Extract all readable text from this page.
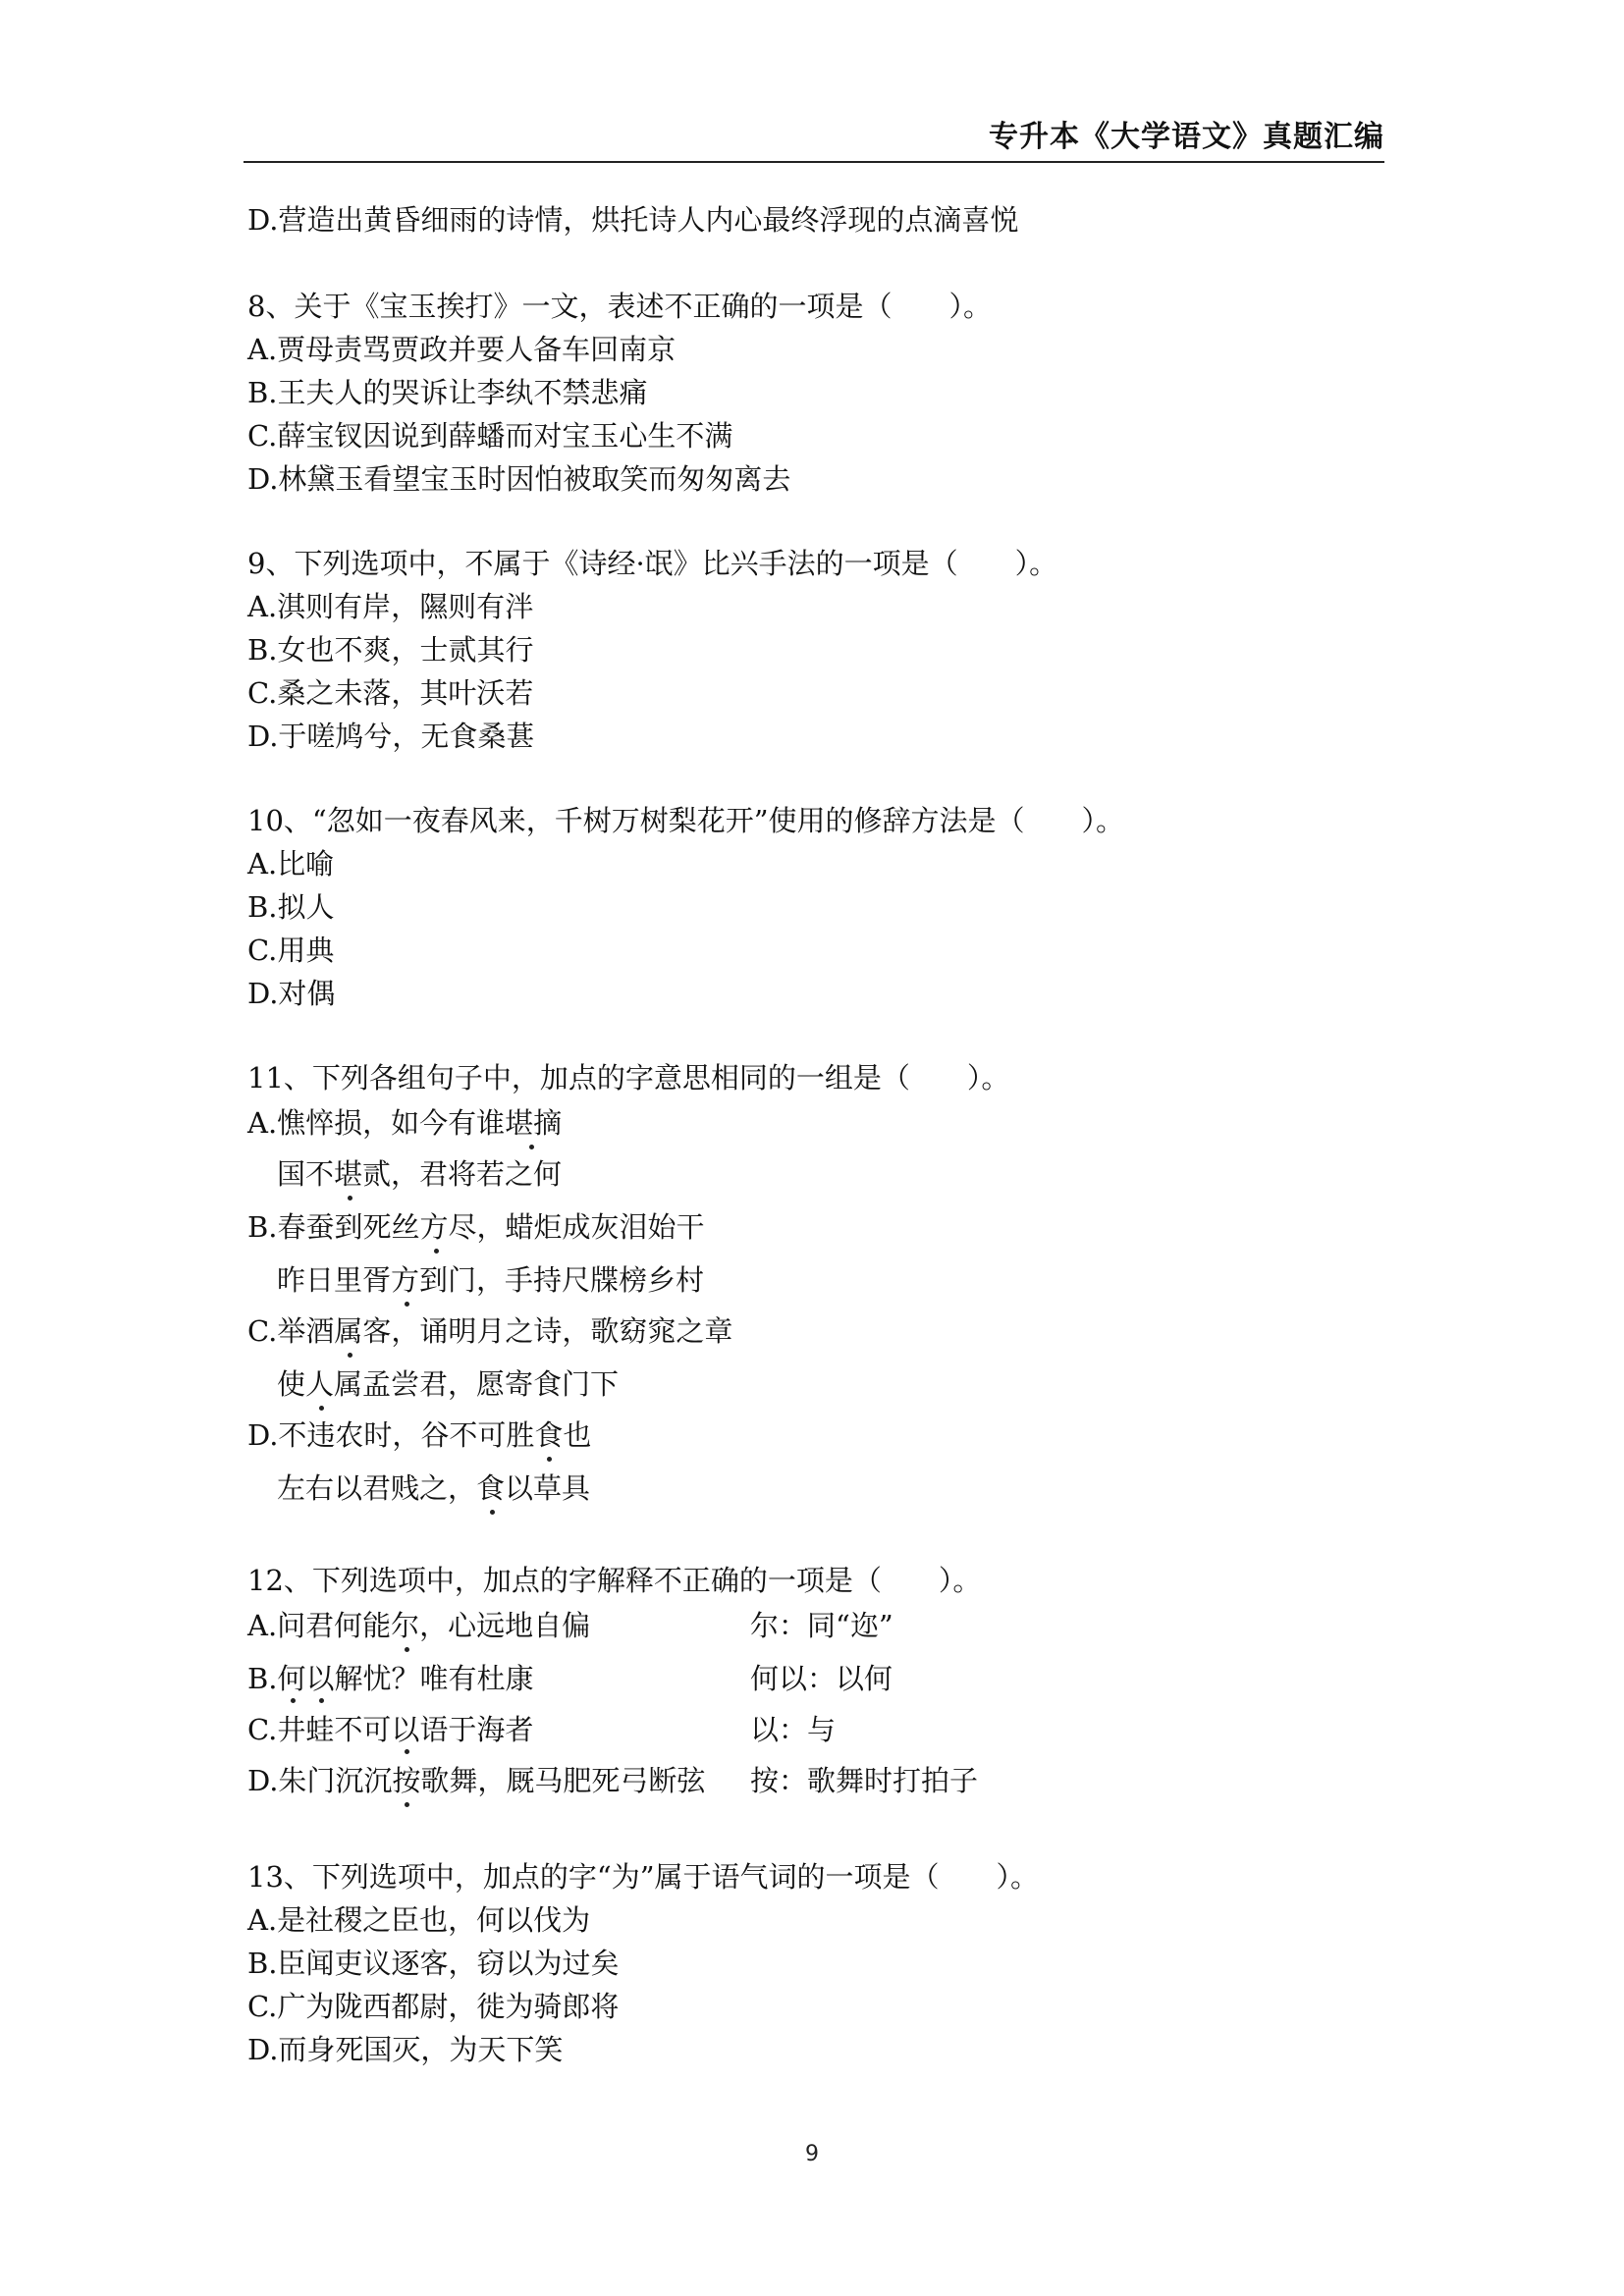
专升本《大学语文》真题汇编
D.营造出黄昏细雨的诗情，烘托诗人内心最终浮现的点滴喜悦
8、关于《宝玉挨打》一文，表述不正确的一项是（　　）。
A.贾母责骂贾政并要人备车回南京
B.王夫人的哭诉让李纨不禁悲痛
C.薛宝钗因说到薛蟠而对宝玉心生不满
D.林黛玉看望宝玉时因怕被取笑而匆匆离去
9、下列选项中，不属于《诗经·氓》比兴手法的一项是（　　）。
A.淇则有岸，隰则有泮
B.女也不爽，士贰其行
C.桑之未落，其叶沃若
D.于嗟鸠兮，无食桑葚
10、“忽如一夜春风来，千树万树梨花开”使用的修辞方法是（　　）。
A.比喻
B.拟人
C.用典
D.对偶
11、下列各组句子中，加点的字意思相同的一组是（　　）。
A.憔悴损，如今有谁堪摘
国不堪贰，君将若之何
B.春蚕到死丝方尽，蜡炬成灰泪始干
昨日里胥方到门，手持尺牒榜乡村
C.举酒属客，诵明月之诗，歌窈窕之章
使人属孟尝君，愿寄食门下
D.不违农时，谷不可胜食也
左右以君贱之，食以草具
12、下列选项中，加点的字解释不正确的一项是（　　）。
A.问君何能尔，心远地自偏	尔：同“迩”
B.何以解忧？唯有杜康	何以：以何
C.井蛙不可以语于海者	以：与
D.朱门沉沉按歌舞，厩马肥死弓断弦 按：歌舞时打拍子
13、下列选项中，加点的字“为”属于语气词的一项是（　　）。
A.是社稷之臣也，何以伐为
B.臣闻吏议逐客，窃以为过矣
C.广为陇西都尉，徙为骑郎将
D.而身死国灭，为天下笑
9
